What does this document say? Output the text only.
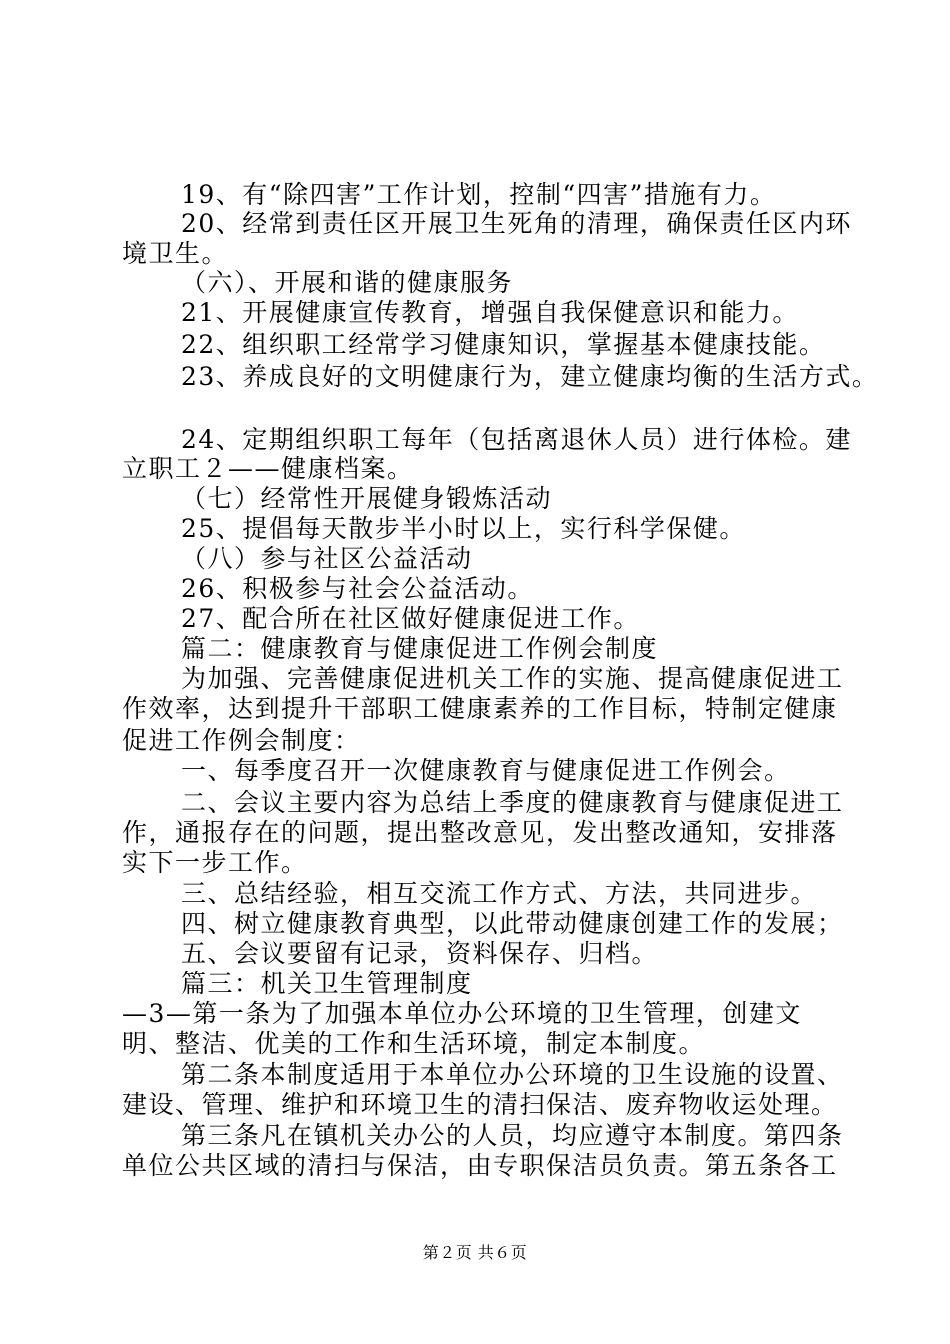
19、有“除四害”工作计划，控制“四害”措施有力。
20、经常到责任区开展卫生死角的清理，确保责任区内环
境卫生。
（六）、开展和谐的健康服务
21、开展健康宣传教育，增强自我保健意识和能力。
22、组织职工经常学习健康知识，掌握基本健康技能。
23、养成良好的文明健康行为，建立健康均衡的生活方式。
24、定期组织职工每年（包括离退休人员）进行体检。建
立职工２——健康档案。
（七）经常性开展健身锻炼活动
25、提倡每天散步半小时以上，实行科学保健。
（八）参与社区公益活动
26、积极参与社会公益活动。
27、配合所在社区做好健康促进工作。
篇二：健康教育与健康促进工作例会制度
为加强、完善健康促进机关工作的实施、提高健康促进工
作效率，达到提升干部职工健康素养的工作目标，特制定健康
促进工作例会制度：
一、每季度召开一次健康教育与健康促进工作例会。
二、会议主要内容为总结上季度的健康教育与健康促进工
作，通报存在的问题，提出整改意见，发出整改通知，安排落
实下一步工作。
三、总结经验，相互交流工作方式、方法，共同进步。
四、树立健康教育典型，以此带动健康创建工作的发展；
五、会议要留有记录，资料保存、归档。
篇三：机关卫生管理制度
—3—第一条为了加强本单位办公环境的卫生管理，创建文
明、整洁、优美的工作和生活环境，制定本制度。
第二条本制度适用于本单位办公环境的卫生设施的设置、
建设、管理、维护和环境卫生的清扫保洁、废弃物收运处理。
第三条凡在镇机关办公的人员，均应遵守本制度。第四条
单位公共区域的清扫与保洁，由专职保洁员负责。第五条各工
第２页 共６页
